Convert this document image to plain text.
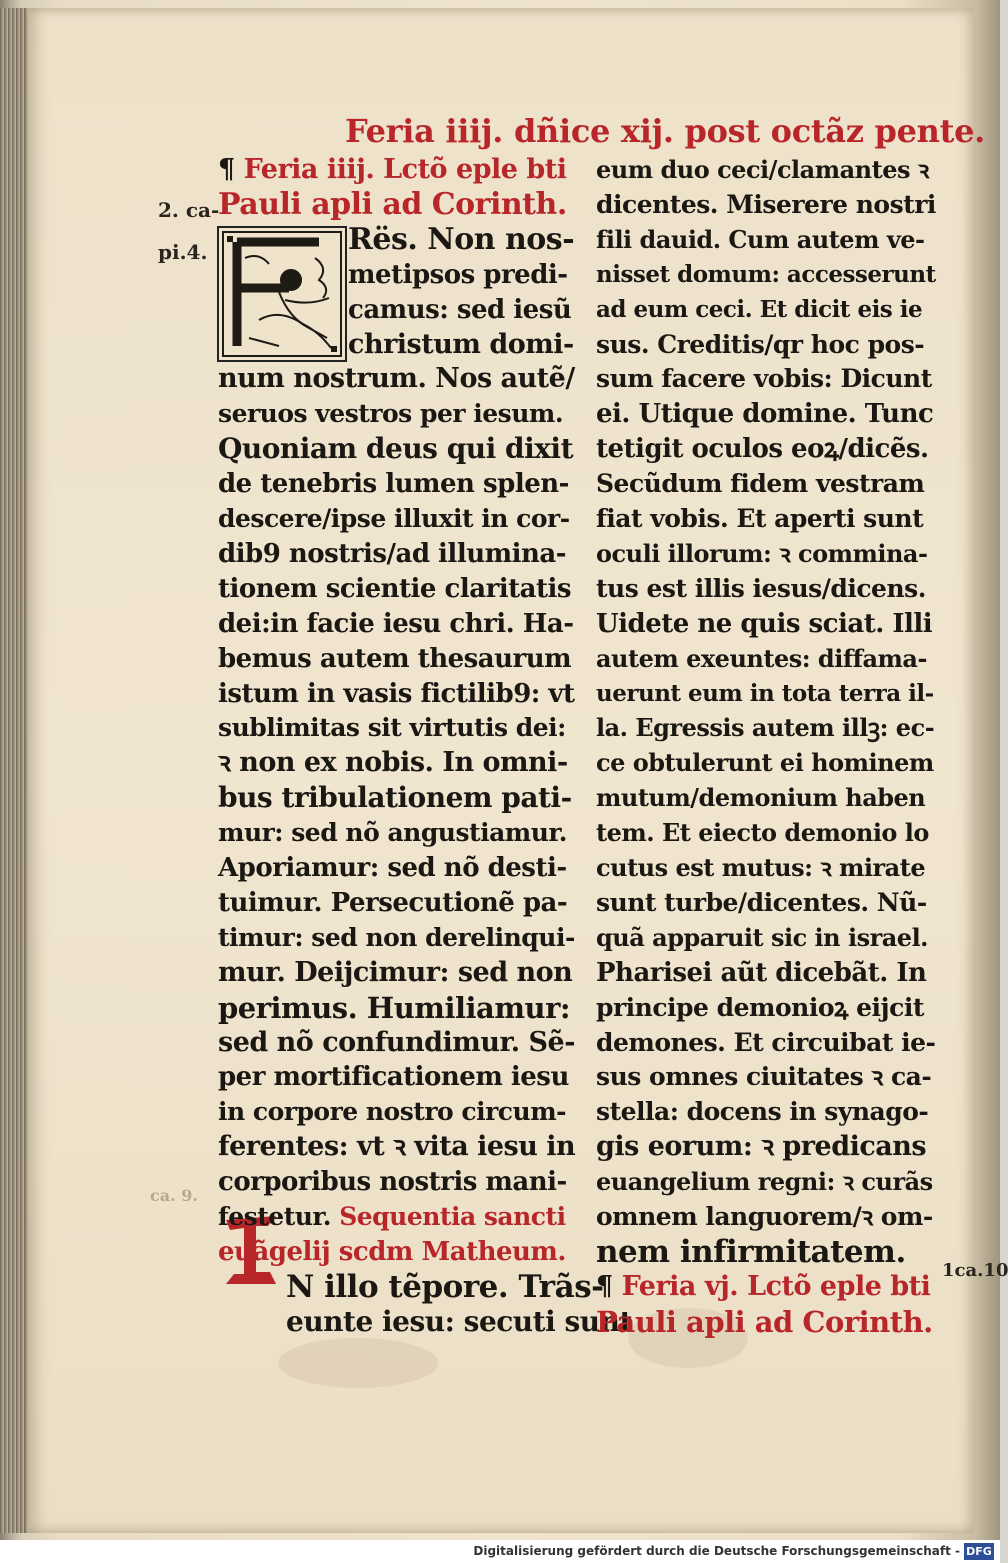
Feria iiij. dñice xij. post octãz pente.
2. ca-
pi.4.
ca. 9.
1ca.10
¶ Feria iiij. Lctõ eple bti
Pauli apli ad Corinth.
Rës. Non nos-
metipsos predi-
camus: sed iesũ
christum domi-
num nostrum. Nos autẽ/
seruos vestros per iesum.
Quoniam deus qui dixit
de tenebris lumen splen-
descere/ipse illuxit in cor-
dib9 nostris/ad illumina-
tionem scientie claritatis
dei:in facie iesu chri. Ha-
bemus autem thesaurum
istum in vasis fictilib9: vt
sublimitas sit virtutis dei:
ꝛ non ex nobis. In omni-
bus tribulationem pati-
mur: sed nõ angustiamur.
Aporiamur: sed nõ desti-
tuimur. Persecutionẽ pa-
timur: sed non derelinqui-
mur. Deijcimur: sed non
perimus. Humiliamur:
sed nõ confundimur. Sẽ-
per mortificationem iesu
in corpore nostro circum-
ferentes: vt ꝛ vita iesu in
corporibus nostris mani-
festetur. Sequentia sancti
euãgelij scdm Matheum.
N illo tẽpore. Trãs-
eunte iesu: secuti sunt
eum duo ceci/clamantes ꝛ
dicentes. Miserere nostri
fili dauid. Cum autem ve-
nisset domum: accesserunt
ad eum ceci. Et dicit eis ie
sus. Creditis/qr hoc pos-
sum facere vobis: Dicunt
ei. Utique domine. Tunc
tetigit oculos eoꝝ/dicẽs.
Secũdum fidem vestram
fiat vobis. Et aperti sunt
oculi illorum: ꝛ commina-
tus est illis iesus/dicens.
Uidete ne quis sciat. Illi
autem exeuntes: diffama-
uerunt eum in tota terra il-
la. Egressis autem illꝫ: ec-
ce obtulerunt ei hominem
mutum/demonium haben
tem. Et eiecto demonio lo
cutus est mutus: ꝛ mirate
sunt turbe/dicentes. Nũ-
quã apparuit sic in israel.
Pharisei aũt dicebãt. In
principe demonioꝝ eijcit
demones. Et circuibat ie-
sus omnes ciuitates ꝛ ca-
stella: docens in synago-
gis eorum: ꝛ predicans
euangelium regni: ꝛ curãs
omnem languorem/ꝛ om-
nem infirmitatem.
¶ Feria vj. Lctõ eple bti
Pauli apli ad Corinth.
Digitalisierung gefördert durch die Deutsche Forschungsgemeinschaft - DFG
